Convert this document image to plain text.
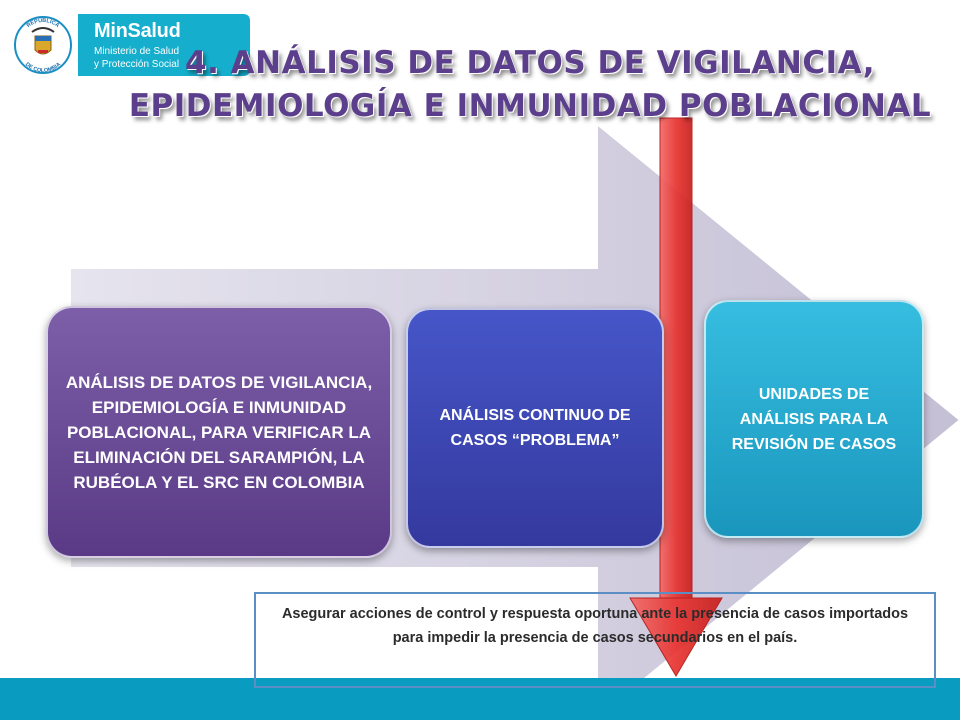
REPÚBLICA
DE COLOMBIA
MinSalud
Ministerio de Salud
y Protección Social 4. ANÁLISIS DE DATOS DE VIGILANCIA,
EPIDEMIOLOGÍA E INMUNIDAD POBLACIONAL
ANÁLISIS DE DATOS DE VIGILANCIA, EPIDEMIOLOGÍA E INMUNIDAD POBLACIONAL, PARA VERIFICAR LA ELIMINACIÓN DEL SARAMPIÓN, LA RUBÉOLA Y EL SRC EN COLOMBIA
ANÁLISIS CONTINUO DE CASOS “PROBLEMA”
UNIDADES DE ANÁLISIS PARA LA REVISIÓN DE CASOS
Asegurar acciones de control y respuesta oportuna ante la presencia de casos importados para impedir la presencia de casos secundarios en el país.
